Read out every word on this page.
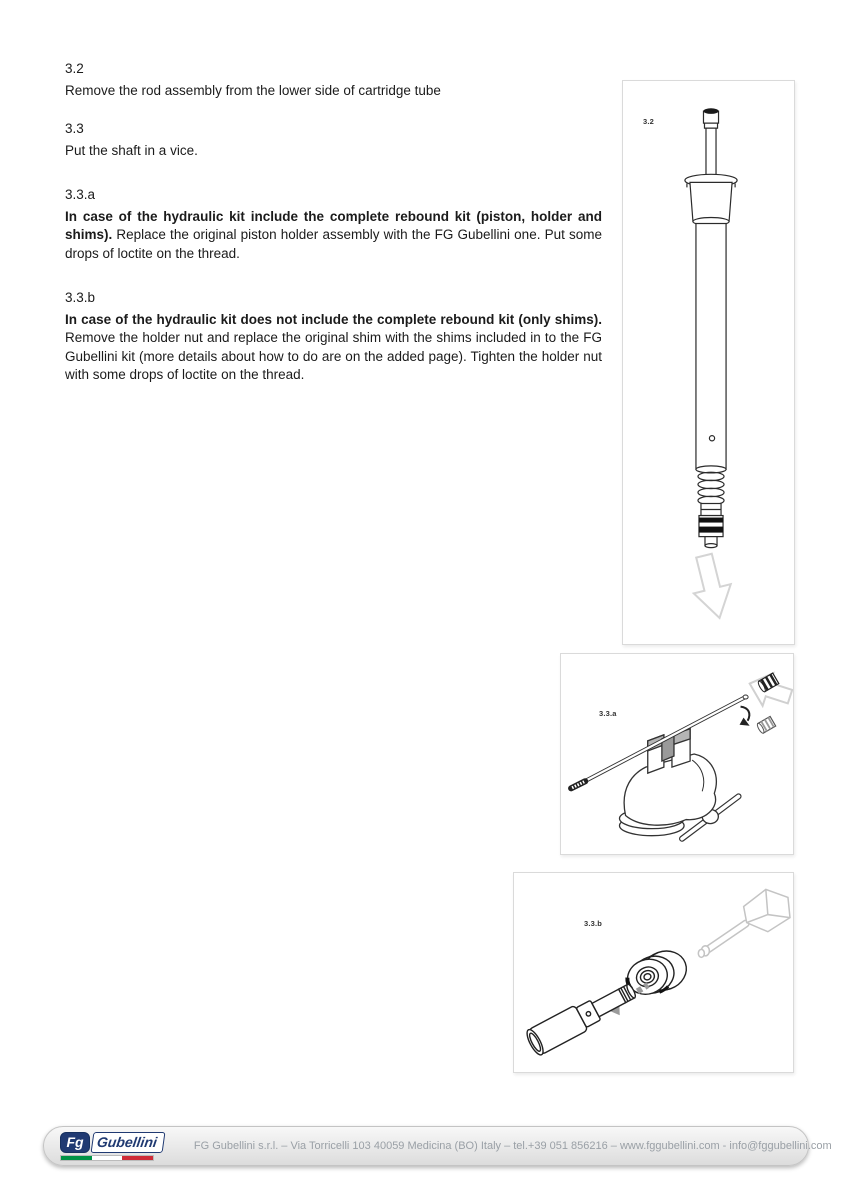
3.2

Remove the rod assembly from the lower side of cartridge tube

3.3

Put the shaft in a vice.

3.3.a

In case of the hydraulic kit include the complete rebound kit (piston, holder and shims). Replace the original piston holder assembly with the FG Gubellini one. Put some drops of loctite on the thread.

3.3.b

In case of the hydraulic kit does not include the complete rebound kit (only shims). Remove the holder nut and replace the original shim with the shims included in to the FG Gubellini kit (more details about how to do are on the added page). Tighten the holder nut with some drops of loctite on the thread.

3.2
3.3.a
3.3.b
Fg Gubellini	FG Gubellini s.r.l. – Via Torricelli 103 40059 Medicina (BO) Italy – tel.+39 051 856216 – www.fggubellini.com - info@fggubellini.com
